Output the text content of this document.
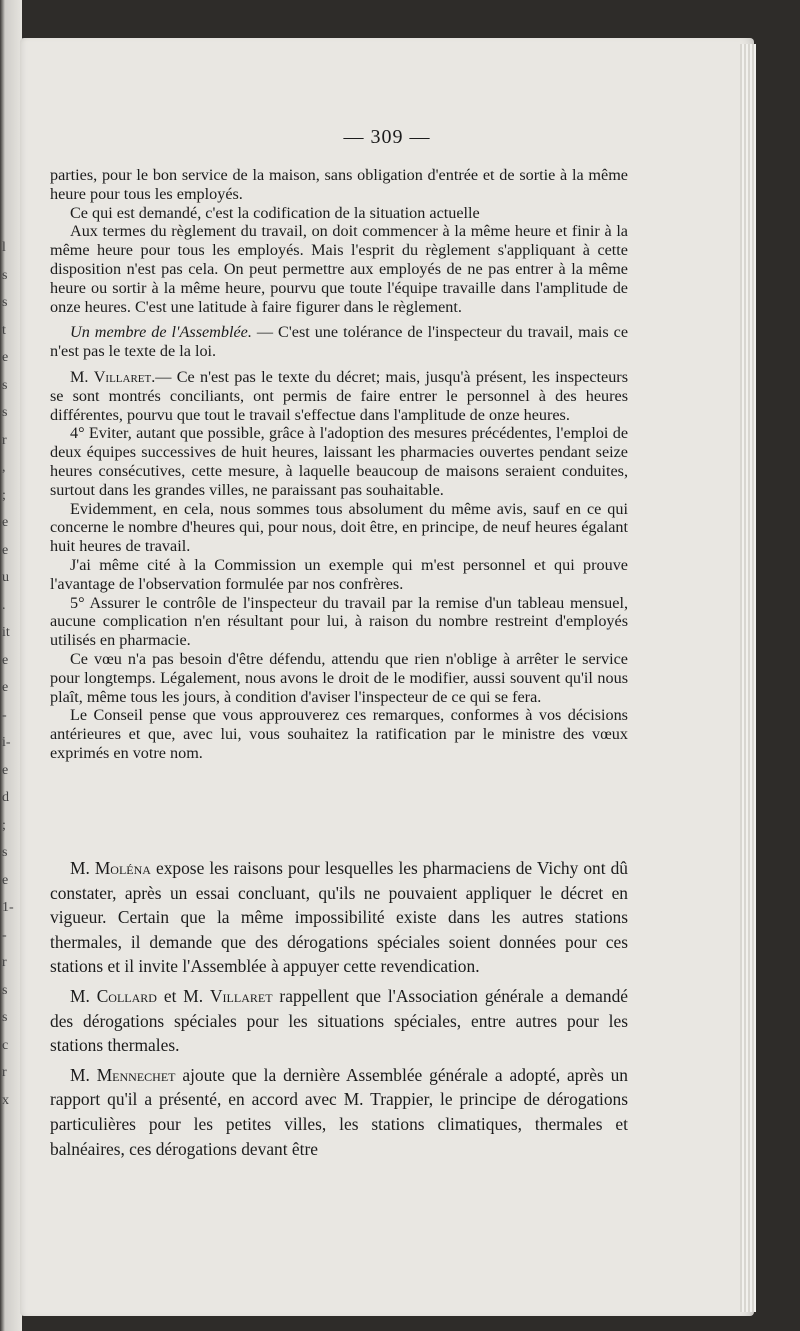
l
s
s
t
e
s
s
r
,
;
e
e
u
.
it
e
e
-
i-
e
d
;
s
e
1-
-
r
s
s
c
r
x
— 309 —

parties, pour le bon service de la maison, sans obligation d'entrée et de sortie à la même heure pour tous les employés.

Ce qui est demandé, c'est la codification de la situation actuelle

Aux termes du règlement du travail, on doit commencer à la même heure et finir à la même heure pour tous les employés. Mais l'esprit du règlement s'appliquant à cette disposition n'est pas cela. On peut permettre aux employés de ne pas entrer à la même heure ou sortir à la même heure, pourvu que toute l'équipe travaille dans l'amplitude de onze heures. C'est une latitude à faire figurer dans le règlement.

Un membre de l'Assemblée. — C'est une tolérance de l'inspecteur du travail, mais ce n'est pas le texte de la loi.

M. Villaret.— Ce n'est pas le texte du décret; mais, jusqu'à présent, les inspecteurs se sont montrés conciliants, ont permis de faire entrer le personnel à des heures différentes, pourvu que tout le travail s'effectue dans l'amplitude de onze heures.

4° Eviter, autant que possible, grâce à l'adoption des mesures précédentes, l'emploi de deux équipes successives de huit heures, laissant les pharmacies ouvertes pendant seize heures consécutives, cette mesure, à laquelle beaucoup de maisons seraient conduites, surtout dans les grandes villes, ne paraissant pas souhaitable.

Evidemment, en cela, nous sommes tous absolument du même avis, sauf en ce qui concerne le nombre d'heures qui, pour nous, doit être, en principe, de neuf heures égalant huit heures de travail.

J'ai même cité à la Commission un exemple qui m'est personnel et qui prouve l'avantage de l'observation formulée par nos confrères.

5° Assurer le contrôle de l'inspecteur du travail par la remise d'un tableau mensuel, aucune complication n'en résultant pour lui, à raison du nombre restreint d'employés utilisés en pharmacie.

Ce vœu n'a pas besoin d'être défendu, attendu que rien n'oblige à arrêter le service pour longtemps. Légalement, nous avons le droit de le modifier, aussi souvent qu'il nous plaît, même tous les jours, à condition d'aviser l'inspecteur de ce qui se fera.

Le Conseil pense que vous approuverez ces remarques, conformes à vos décisions antérieures et que, avec lui, vous souhaitez la ratification par le ministre des vœux exprimés en votre nom.

M. Moléna expose les raisons pour lesquelles les pharmaciens de Vichy ont dû constater, après un essai concluant, qu'ils ne pouvaient appliquer le décret en vigueur. Certain que la même impossibilité existe dans les autres stations thermales, il demande que des dérogations spéciales soient données pour ces stations et il invite l'Assemblée à appuyer cette revendication.

M. Collard et M. Villaret rappellent que l'Association générale a demandé des dérogations spéciales pour les situations spéciales, entre autres pour les stations thermales.

M. Mennechet ajoute que la dernière Assemblée générale a adopté, après un rapport qu'il a présenté, en accord avec M. Trappier, le principe de dérogations particulières pour les petites villes, les stations climatiques, thermales et balnéaires, ces dérogations devant être
